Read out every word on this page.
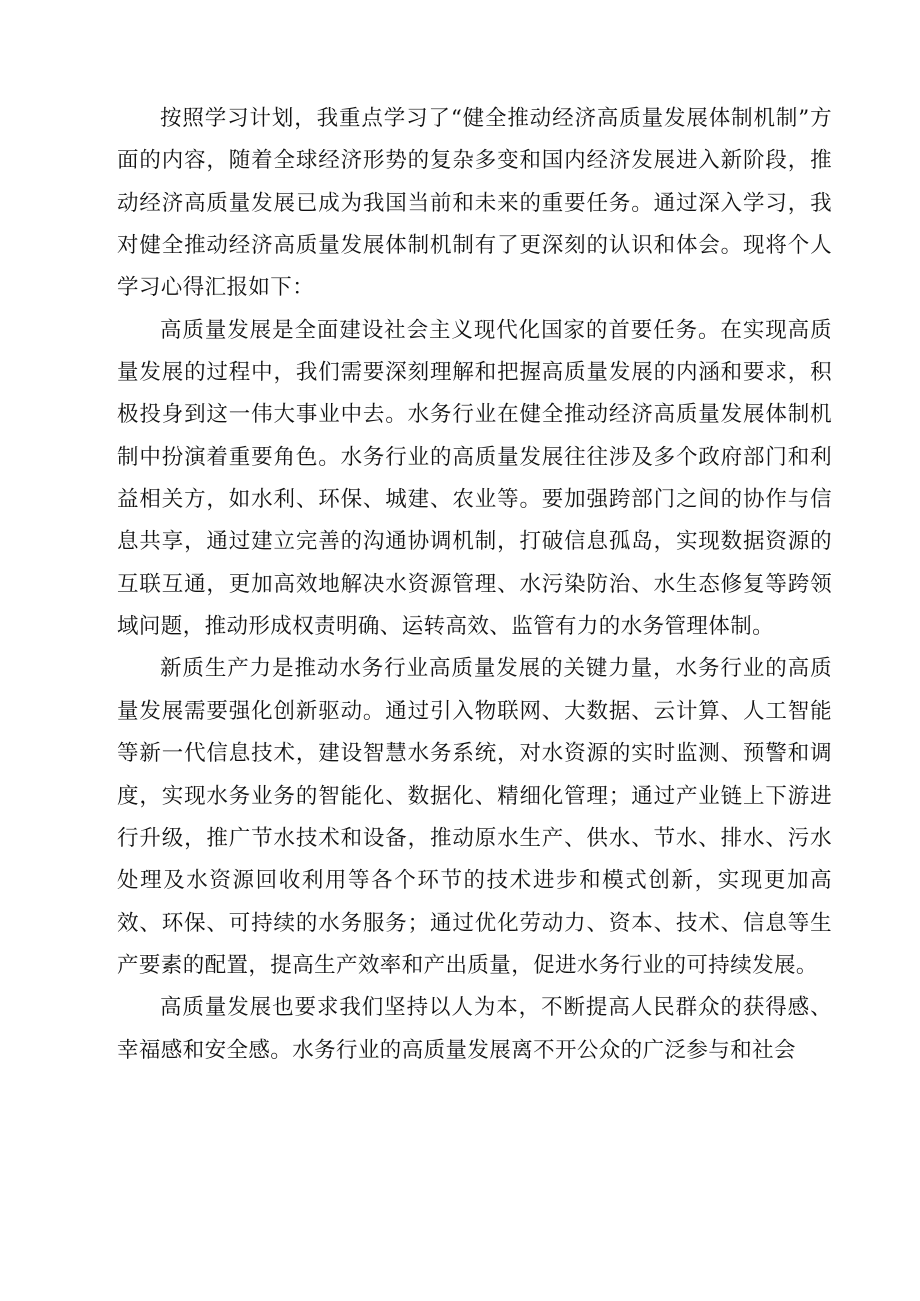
按照学习计划，我重点学习了“健全推动经济高质量发展体制机制”方面的内容，随着全球经济形势的复杂多变和国内经济发展进入新阶段，推动经济高质量发展已成为我国当前和未来的重要任务。通过深入学习，我对健全推动经济高质量发展体制机制有了更深刻的认识和体会。现将个人学习心得汇报如下：

高质量发展是全面建设社会主义现代化国家的首要任务。在实现高质量发展的过程中，我们需要深刻理解和把握高质量发展的内涵和要求，积极投身到这一伟大事业中去。水务行业在健全推动经济高质量发展体制机制中扮演着重要角色。水务行业的高质量发展往往涉及多个政府部门和利益相关方，如水利、环保、城建、农业等。要加强跨部门之间的协作与信息共享，通过建立完善的沟通协调机制，打破信息孤岛，实现数据资源的互联互通，更加高效地解决水资源管理、水污染防治、水生态修复等跨领域问题，推动形成权责明确、运转高效、监管有力的水务管理体制。

新质生产力是推动水务行业高质量发展的关键力量，水务行业的高质量发展需要强化创新驱动。通过引入物联网、大数据、云计算、人工智能等新一代信息技术，建设智慧水务系统，对水资源的实时监测、预警和调度，实现水务业务的智能化、数据化、精细化管理；通过产业链上下游进行升级，推广节水技术和设备，推动原水生产、供水、节水、排水、污水处理及水资源回收利用等各个环节的技术进步和模式创新，实现更加高效、环保、可持续的水务服务；通过优化劳动力、资本、技术、信息等生产要素的配置，提高生产效率和产出质量，促进水务行业的可持续发展。

高质量发展也要求我们坚持以人为本，不断提高人民群众的获得感、幸福感和安全感。水务行业的高质量发展离不开公众的广泛参与和社会
